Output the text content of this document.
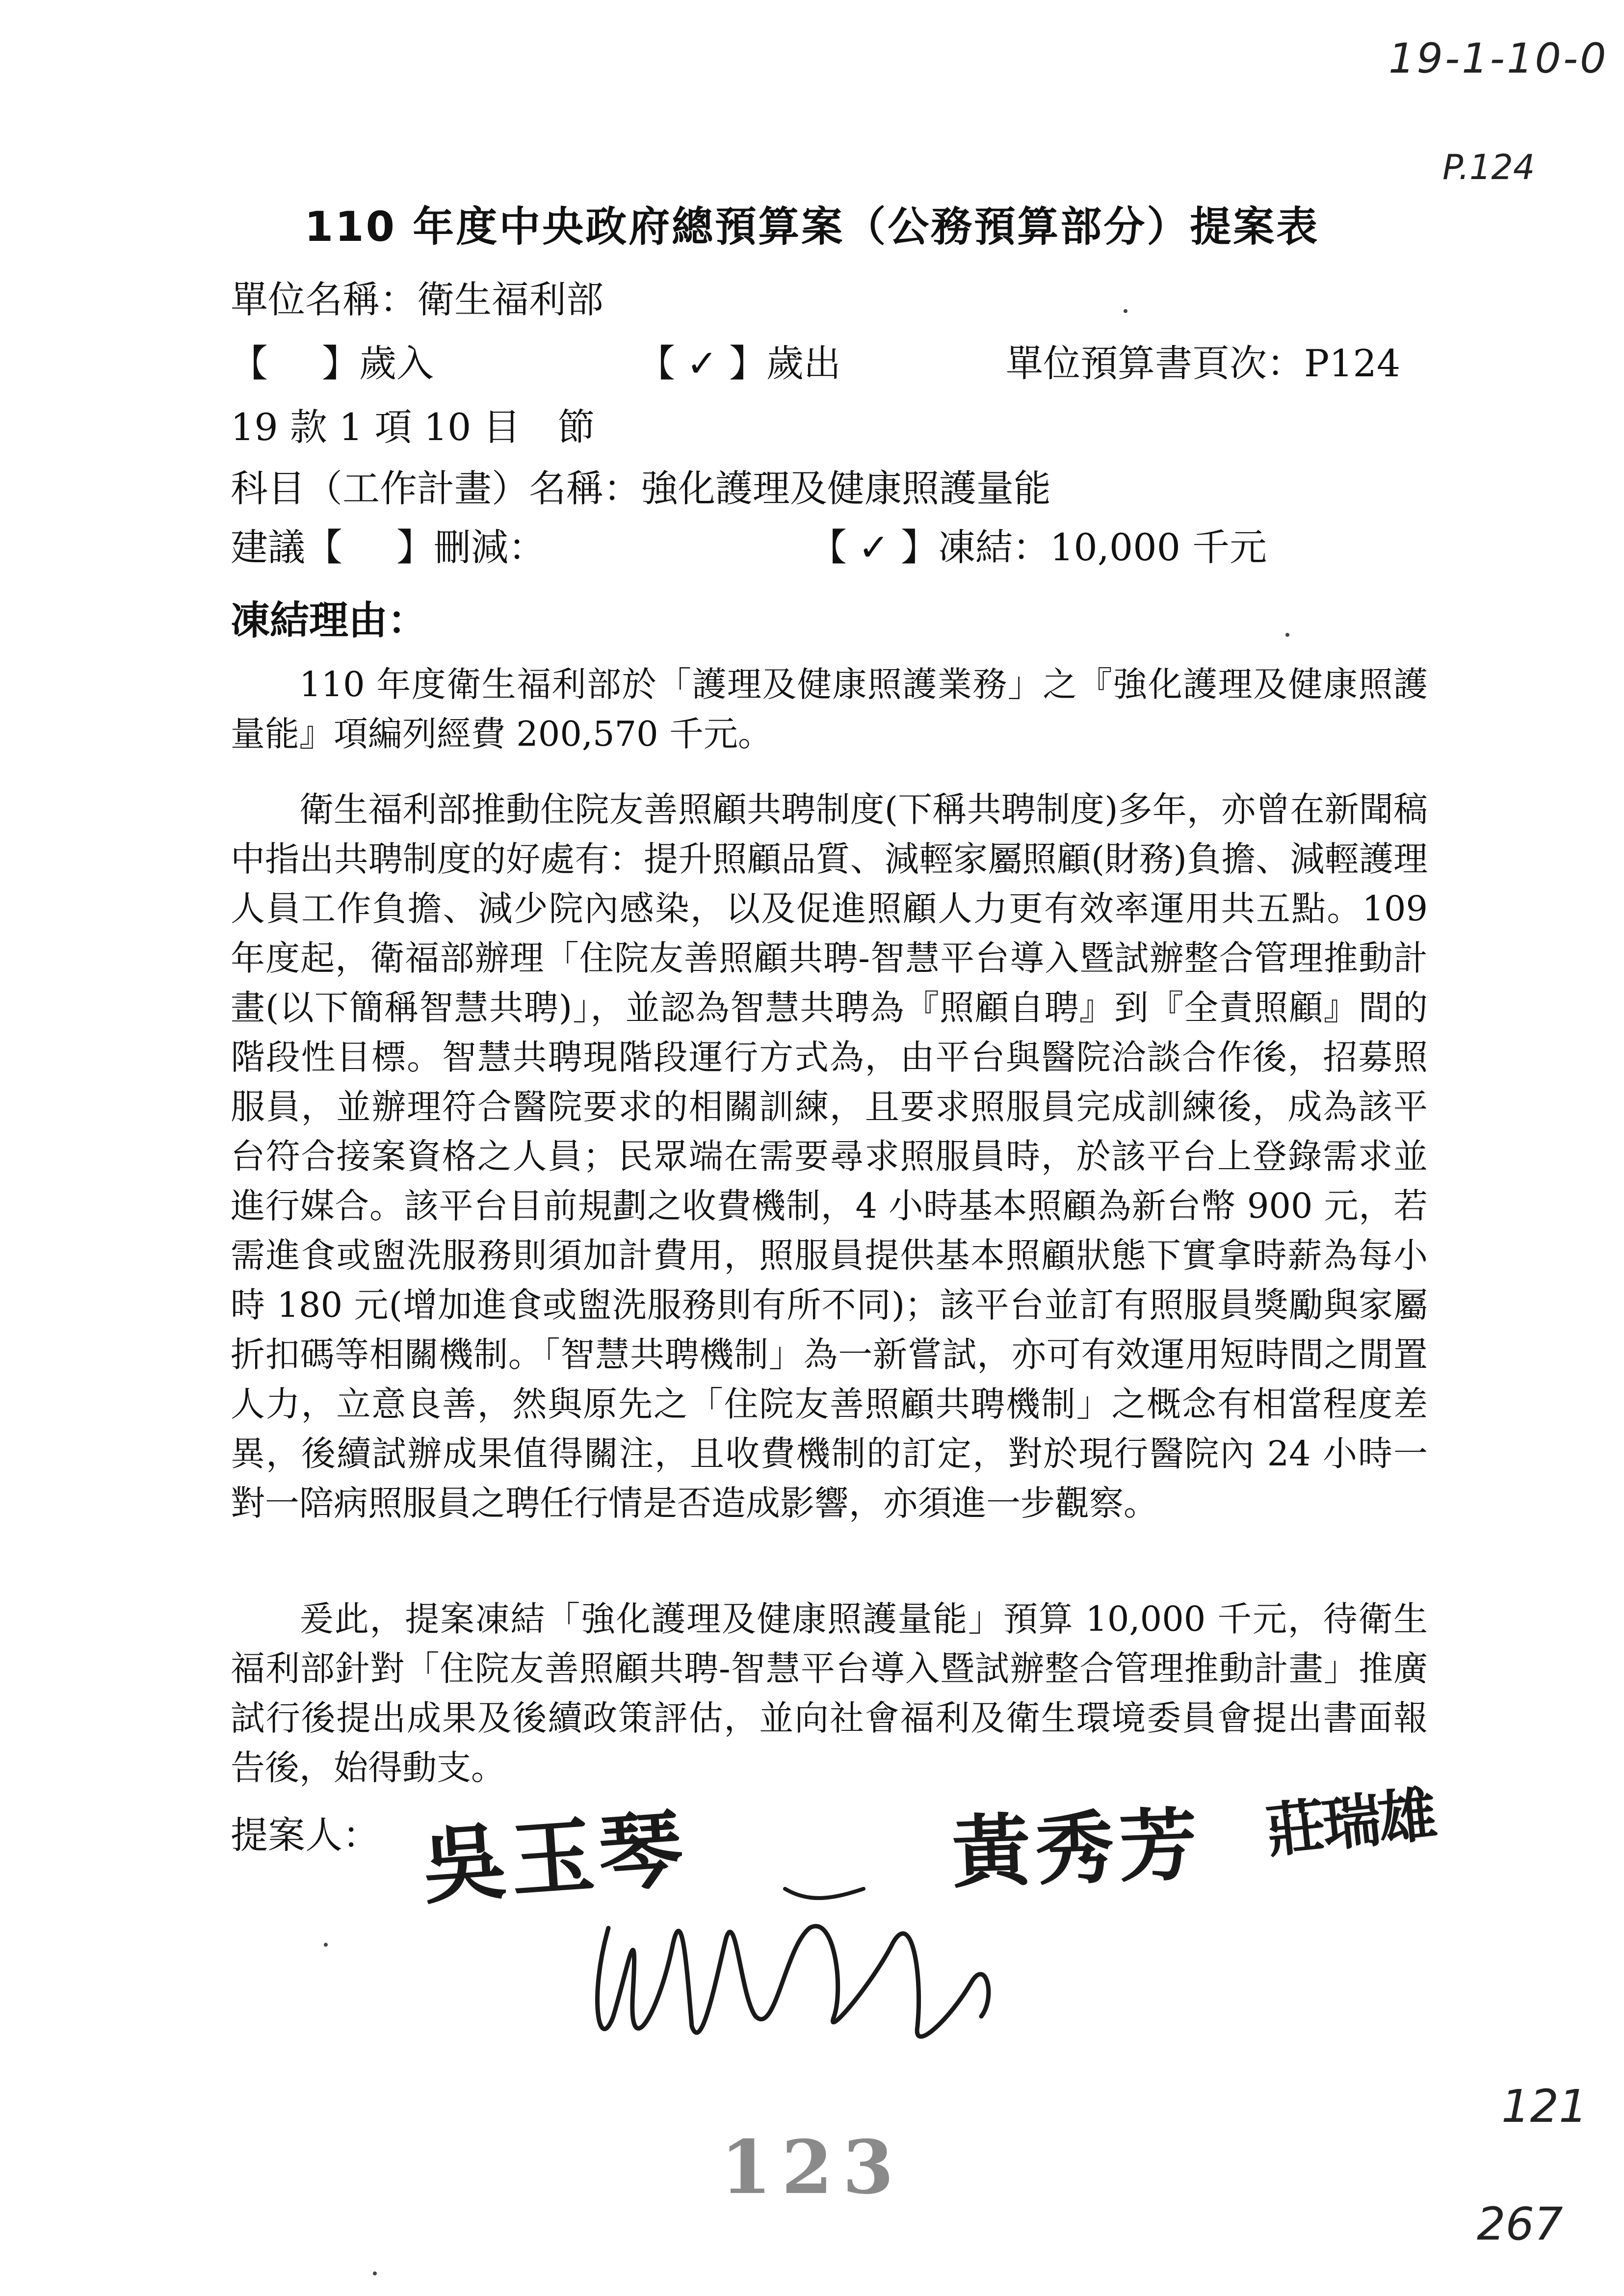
19-1-10-0
P.124
110 年度中央政府總預算案（公務預算部分）提案表
單位名稱：衛生福利部
【 】歲入	【 ✓ 】歲出	單位預算書頁次：P124
19 款 1 項 10 目　節
科目（工作計畫）名稱：強化護理及健康照護量能
建議【 】刪減：	【 ✓ 】凍結：10,000 千元
凍結理由：

110 年度衛生福利部於「護理及健康照護業務」之『強化護理及健康照護量能』項編列經費 200,570 千元。

衛生福利部推動住院友善照顧共聘制度(下稱共聘制度)多年，亦曾在新聞稿中指出共聘制度的好處有：提升照顧品質、減輕家屬照顧(財務)負擔、減輕護理人員工作負擔、減少院內感染，以及促進照顧人力更有效率運用共五點。109 年度起，衛福部辦理「住院友善照顧共聘-智慧平台導入暨試辦整合管理推動計畫(以下簡稱智慧共聘)」，並認為智慧共聘為『照顧自聘』到『全責照顧』間的階段性目標。智慧共聘現階段運行方式為，由平台與醫院洽談合作後，招募照服員，並辦理符合醫院要求的相關訓練，且要求照服員完成訓練後，成為該平台符合接案資格之人員；民眾端在需要尋求照服員時，於該平台上登錄需求並進行媒合。該平台目前規劃之收費機制，4 小時基本照顧為新台幣 900 元，若需進食或盥洗服務則須加計費用，照服員提供基本照顧狀態下實拿時薪為每小時 180 元(增加進食或盥洗服務則有所不同)；該平台並訂有照服員獎勵與家屬折扣碼等相關機制。「智慧共聘機制」為一新嘗試，亦可有效運用短時間之閒置人力，立意良善，然與原先之「住院友善照顧共聘機制」之概念有相當程度差異，後續試辦成果值得關注，且收費機制的訂定，對於現行醫院內 24 小時一對一陪病照服員之聘任行情是否造成影響，亦須進一步觀察。

爰此，提案凍結「強化護理及健康照護量能」預算 10,000 千元，待衛生福利部針對「住院友善照顧共聘-智慧平台導入暨試辦整合管理推動計畫」推廣試行後提出成果及後續政策評估，並向社會福利及衛生環境委員會提出書面報告後，始得動支。

提案人： 吳玉琴	黃秀芳 莊瑞雄
123
121
267
